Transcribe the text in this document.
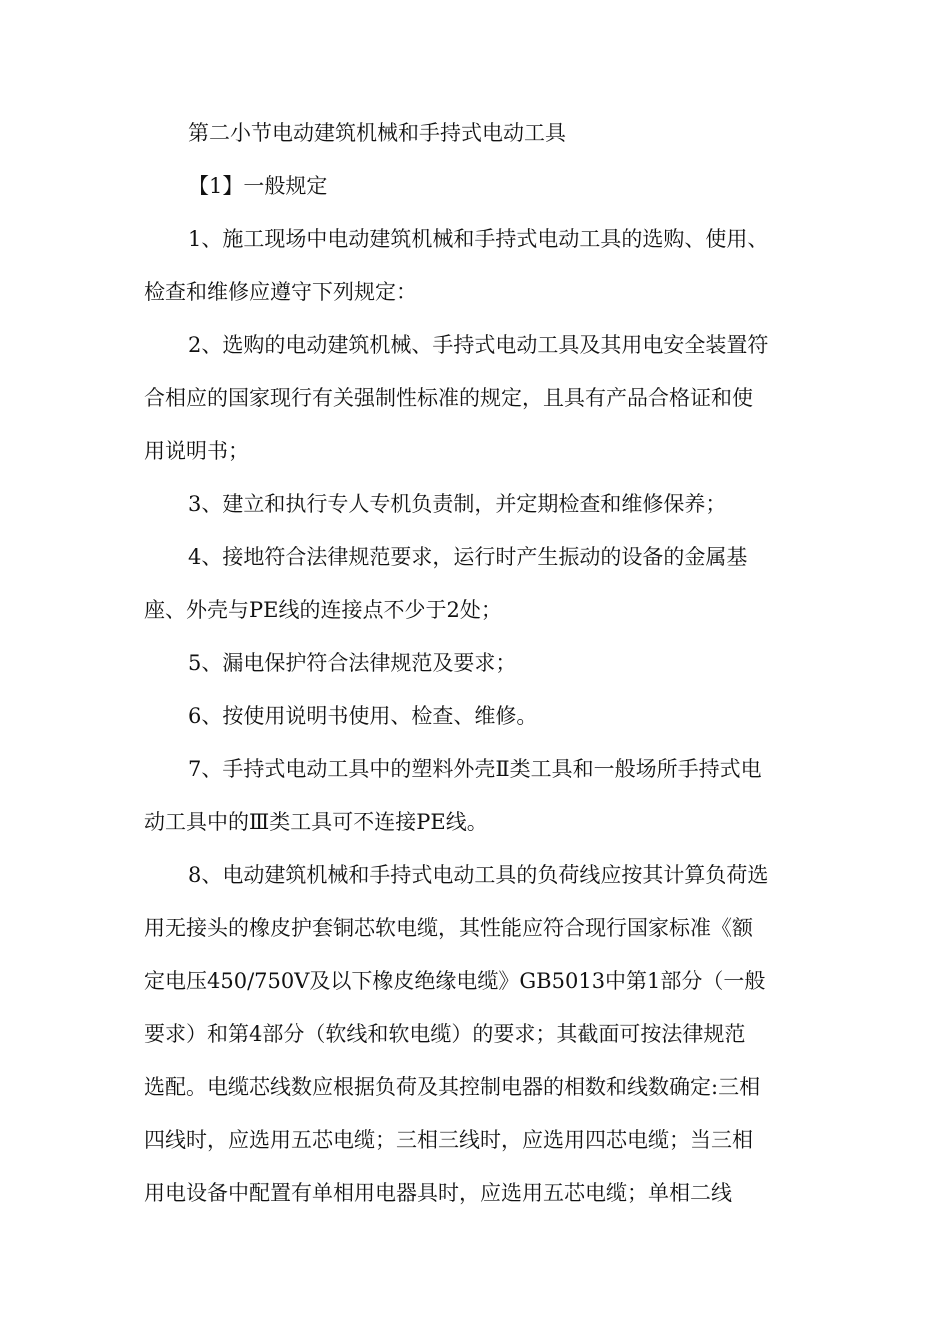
第二小节电动建筑机械和手持式电动工具
【1】一般规定
1、施工现场中电动建筑机械和手持式电动工具的选购、使用、
检查和维修应遵守下列规定：
2、选购的电动建筑机械、手持式电动工具及其用电安全装置符
合相应的国家现行有关强制性标准的规定，且具有产品合格证和使
用说明书；
3、建立和执行专人专机负责制，并定期检查和维修保养；
4、接地符合法律规范要求，运行时产生振动的设备的金属基
座、外壳与PE线的连接点不少于2处；
5、漏电保护符合法律规范及要求；
6、按使用说明书使用、检查、维修。
7、手持式电动工具中的塑料外壳Ⅱ类工具和一般场所手持式电
动工具中的Ⅲ类工具可不连接PE线。
8、电动建筑机械和手持式电动工具的负荷线应按其计算负荷选
用无接头的橡皮护套铜芯软电缆，其性能应符合现行国家标准《额
定电压450/750V及以下橡皮绝缘电缆》GB5013中第1部分（一般
要求）和第4部分（软线和软电缆）的要求；其截面可按法律规范
选配。电缆芯线数应根据负荷及其控制电器的相数和线数确定:三相
四线时，应选用五芯电缆；三相三线时，应选用四芯电缆；当三相
用电设备中配置有单相用电器具时，应选用五芯电缆；单相二线
